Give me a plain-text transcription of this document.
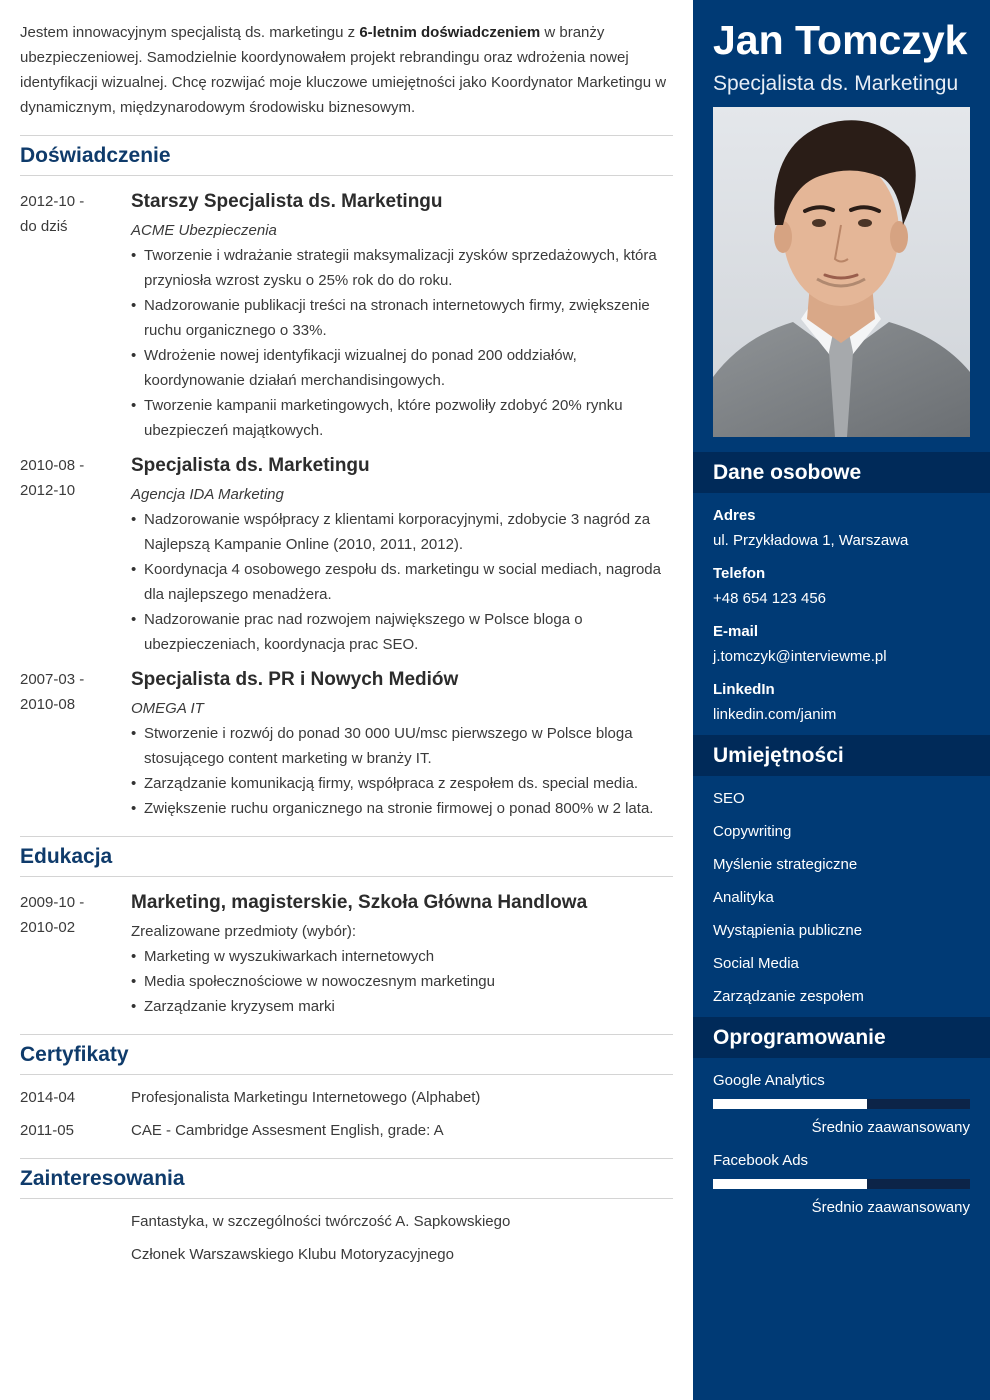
Jestem innowacyjnym specjalistą ds. marketingu z 6-letnim doświadczeniem w branży ubezpieczeniowej. Samodzielnie koordynowałem projekt rebrandingu oraz wdrożenia nowej identyfikacji wizualnej. Chcę rozwijać moje kluczowe umiejętności jako Koordynator Marketingu w dynamicznym, międzynarodowym środowisku biznesowym.

Doświadczenie
2012-10 -
do dziś
Starszy Specjalista ds. Marketingu
ACME Ubezpieczenia
• Tworzenie i wdrażanie strategii maksymalizacji zysków sprzedażowych, która przyniosła wzrost zysku o 25% rok do do roku.
• Nadzorowanie publikacji treści na stronach internetowych firmy, zwiększenie ruchu organicznego o 33%.
• Wdrożenie nowej identyfikacji wizualnej do ponad 200 oddziałów, koordynowanie działań merchandisingowych.
• Tworzenie kampanii marketingowych, które pozwoliły zdobyć 20% rynku ubezpieczeń majątkowych.
2010-08 -
2012-10
Specjalista ds. Marketingu
Agencja IDA Marketing
• Nadzorowanie współpracy z klientami korporacyjnymi, zdobycie 3 nagród za Najlepszą Kampanie Online (2010, 2011, 2012).
• Koordynacja 4 osobowego zespołu ds. marketingu w social mediach, nagroda dla najlepszego menadżera.
• Nadzorowanie prac nad rozwojem największego w Polsce bloga o ubezpieczeniach, koordynacja prac SEO.
2007-03 -
2010-08
Specjalista ds. PR i Nowych Mediów
OMEGA IT
• Stworzenie i rozwój do ponad 30 000 UU/msc pierwszego w Polsce bloga stosującego content marketing w branży IT.
• Zarządzanie komunikacją firmy, współpraca z zespołem ds. special media.
• Zwiększenie ruchu organicznego na stronie firmowej o ponad 800% w 2 lata.
Edukacja
2009-10 -
2010-02
Marketing, magisterskie, Szkoła Główna Handlowa
Zrealizowane przedmioty (wybór):
• Marketing w wyszukiwarkach internetowych
• Media społecznościowe w nowoczesnym marketingu
• Zarządzanie kryzysem marki
Certyfikaty
2014-04	Profesjonalista Marketingu Internetowego (Alphabet)
2011-05	CAE - Cambridge Assesment English, grade: A
Zainteresowania
Fantastyka, w szczególności twórczość A. Sapkowskiego
Członek Warszawskiego Klubu Motoryzacyjnego
Jan Tomczyk
Specjalista ds. Marketingu
Dane osobowe
Adres
ul. Przykładowa 1, Warszawa
Telefon
+48 654 123 456
E-mail
j.tomczyk@interviewme.pl
LinkedIn
linkedin.com/janim
Umiejętności
SEO
Copywriting
Myślenie strategiczne
Analityka
Wystąpienia publiczne
Social Media
Zarządzanie zespołem
Oprogramowanie
Google Analytics
Średnio zaawansowany
Facebook Ads
Średnio zaawansowany
